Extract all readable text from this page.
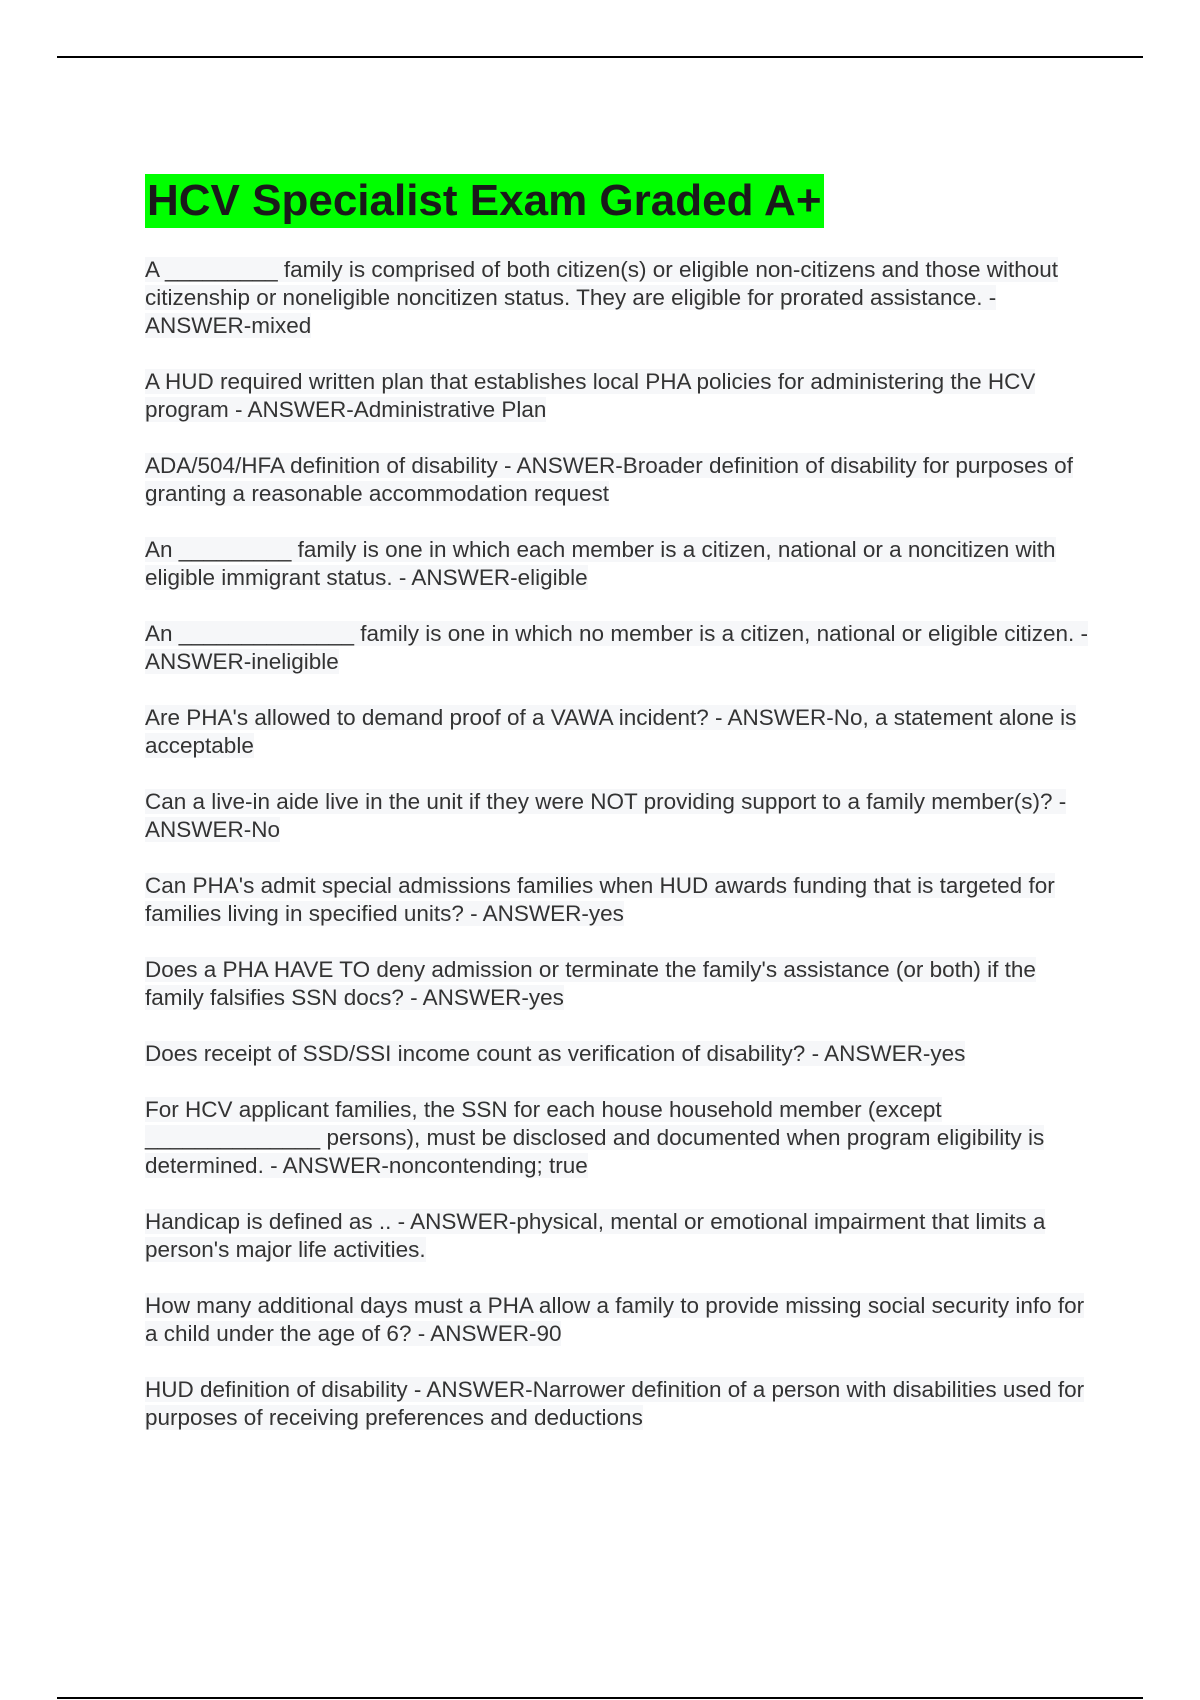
HCV Specialist Exam Graded A+
A _________ family is comprised of both citizen(s) or eligible non-citizens and those without citizenship or noneligible noncitizen status. They are eligible for prorated assistance. - ANSWER-mixed
A HUD required written plan that establishes local PHA policies for administering the HCV program - ANSWER-Administrative Plan
ADA/504/HFA definition of disability - ANSWER-Broader definition of disability for purposes of granting a reasonable accommodation request
An _________ family is one in which each member is a citizen, national or a noncitizen with eligible immigrant status. - ANSWER-eligible
An ______________ family is one in which no member is a citizen, national or eligible citizen. - ANSWER-ineligible
Are PHA's allowed to demand proof of a VAWA incident? - ANSWER-No, a statement alone is acceptable
Can a live-in aide live in the unit if they were NOT providing support to a family member(s)? - ANSWER-No
Can PHA's admit special admissions families when HUD awards funding that is targeted for families living in specified units? - ANSWER-yes
Does a PHA HAVE TO deny admission or terminate the family's assistance (or both) if the family falsifies SSN docs? - ANSWER-yes
Does receipt of SSD/SSI income count as verification of disability? - ANSWER-yes
For HCV applicant families, the SSN for each house household member (except ______________ persons), must be disclosed and documented when program eligibility is determined. - ANSWER-noncontending; true
Handicap is defined as .. - ANSWER-physical, mental or emotional impairment that limits a person's major life activities.
How many additional days must a PHA allow a family to provide missing social security info for a child under the age of 6? - ANSWER-90
HUD definition of disability - ANSWER-Narrower definition of a person with disabilities used for purposes of receiving preferences and deductions
